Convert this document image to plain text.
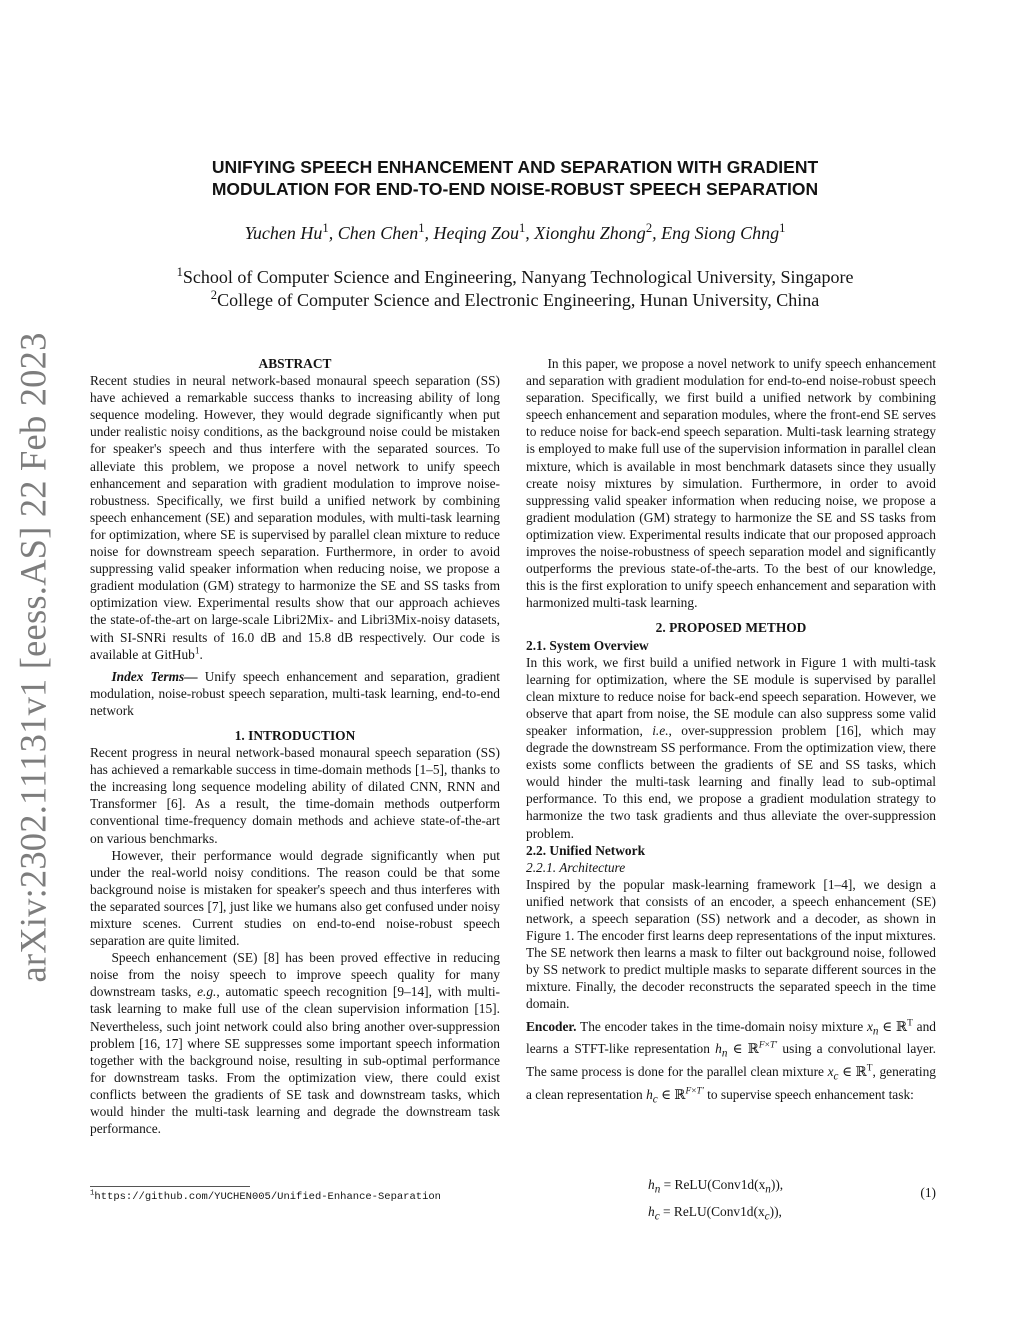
arXiv:2302.11131v1 [eess.AS] 22 Feb 2023
UNIFYING SPEECH ENHANCEMENT AND SEPARATION WITH GRADIENT
MODULATION FOR END-TO-END NOISE-ROBUST SPEECH SEPARATION
Yuchen Hu$^1$, Chen Chen$^1$, Heqing Zou$^1$, Xionghu Zhong$^2$, Eng Siong Chng$^1$
$^1$School of Computer Science and Engineering, Nanyang Technological University, Singapore
$^2$College of Computer Science and Electronic Engineering, Hunan University, China

ABSTRACT

Recent studies in neural network-based monaural speech separation (SS) have achieved a remarkable success thanks to increasing ability of long sequence modeling. However, they would degrade significantly when put under realistic noisy conditions, as the background noise could be mistaken for speaker's speech and thus interfere with the separated sources. To alleviate this problem, we propose a novel network to unify speech enhancement and separation with gradient modulation to improve noise-robustness. Specifically, we first build a unified network by combining speech enhancement (SE) and separation modules, with multi-task learning for optimization, where SE is supervised by parallel clean mixture to reduce noise for downstream speech separation. Furthermore, in order to avoid suppressing valid speaker information when reducing noise, we propose a gradient modulation (GM) strategy to harmonize the SE and SS tasks from optimization view. Experimental results show that our approach achieves the state-of-the-art on large-scale Libri2Mix- and Libri3Mix-noisy datasets, with SI-SNRi results of 16.0 dB and 15.8 dB respectively. Our code is available at GitHub$^1$.

Index Terms— Unify speech enhancement and separation, gradient modulation, noise-robust speech separation, multi-task learning, end-to-end network

1. INTRODUCTION

Recent progress in neural network-based monaural speech separation (SS) has achieved a remarkable success in time-domain methods [1–5], thanks to the increasing long sequence modeling ability of dilated CNN, RNN and Transformer [6]. As a result, the time-domain methods outperform conventional time-frequency domain methods and achieve state-of-the-art on various benchmarks.

However, their performance would degrade significantly when put under the real-world noisy conditions. The reason could be that some background noise is mistaken for speaker's speech and thus interferes with the separated sources [7], just like we humans also get confused under noisy mixture scenes. Current studies on end-to-end noise-robust speech separation are quite limited.

Speech enhancement (SE) [8] has been proved effective in reducing noise from the noisy speech to improve speech quality for many downstream tasks, e.g., automatic speech recognition [9–14], with multi-task learning to make full use of the clean supervision information [15]. Nevertheless, such joint network could also bring another over-suppression problem [16, 17] where SE suppresses some important speech information together with the background noise, resulting in sub-optimal performance for downstream tasks. From the optimization view, there could exist conflicts between the gradients of SE task and downstream tasks, which would hinder the multi-task learning and degrade the downstream task performance.

$^1$https://github.com/YUCHEN005/Unified-Enhance-Separation

In this paper, we propose a novel network to unify speech enhancement and separation with gradient modulation for end-to-end noise-robust speech separation. Specifically, we first build a unified network by combining speech enhancement and separation modules, where the front-end SE serves to reduce noise for back-end speech separation. Multi-task learning strategy is employed to make full use of the supervision information in parallel clean mixture, which is available in most benchmark datasets since they usually create noisy mixtures by simulation. Furthermore, in order to avoid suppressing valid speaker information when reducing noise, we propose a gradient modulation (GM) strategy to harmonize the SE and SS tasks from optimization view. Experimental results indicate that our proposed approach improves the noise-robustness of speech separation model and significantly outperforms the previous state-of-the-arts. To the best of our knowledge, this is the first exploration to unify speech enhancement and separation with harmonized multi-task learning.

2. PROPOSED METHOD

2.1. System Overview

In this work, we first build a unified network in Figure 1 with multi-task learning for optimization, where the SE module is supervised by parallel clean mixture to reduce noise for back-end speech separation. However, we observe that apart from noise, the SE module can also suppress some valid speaker information, i.e., over-suppression problem [16], which may degrade the downstream SS performance. From the optimization view, there exists some conflicts between the gradients of SE and SS tasks, which would hinder the multi-task learning and finally lead to sub-optimal performance. To this end, we propose a gradient modulation strategy to harmonize the two task gradients and thus alleviate the over-suppression problem.

2.2. Unified Network

2.2.1. Architecture

Inspired by the popular mask-learning framework [1–4], we design a unified network that consists of an encoder, a speech enhancement (SE) network, a speech separation (SS) network and a decoder, as shown in Figure 1. The encoder first learns deep representations of the input mixtures. The SE network then learns a mask to filter out background noise, followed by SS network to predict multiple masks to separate different sources in the mixture. Finally, the decoder reconstructs the separated speech in the time domain.

Encoder. The encoder takes in the time-domain noisy mixture $x_n$ ∈ ℝ$^T$ and learns a STFT-like representation $h_n$ ∈ ℝ$^{F\times T'}$ using a convolutional layer. The same process is done for the parallel clean mixture $x_c$ ∈ ℝ$^T$, generating a clean representation $h_c$ ∈ ℝ$^{F\times T'}$ to supervise speech enhancement task:

$h_n$ = $ReLU(Conv1d(x_n))$,
$h_c$ = $ReLU(Conv1d(x_c))$,
(1)
